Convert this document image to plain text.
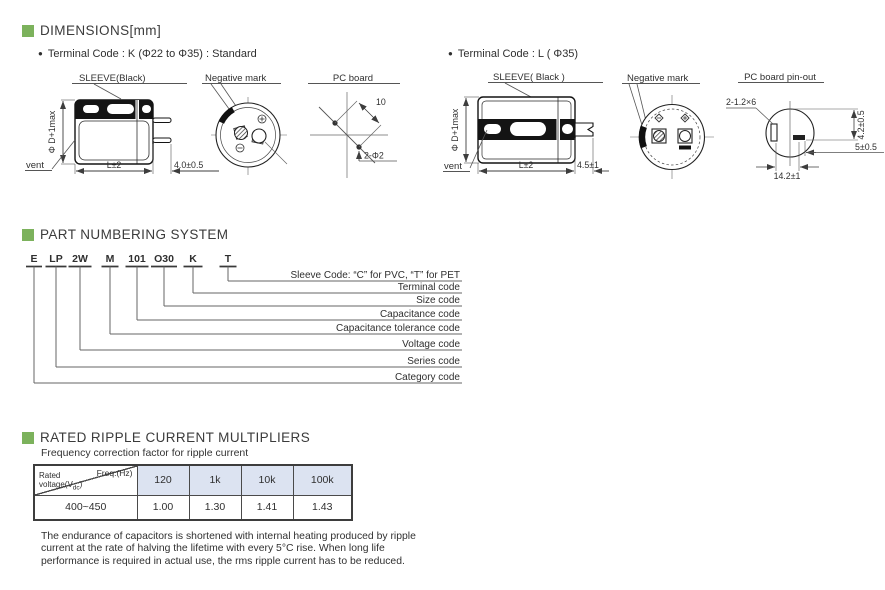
DIMENSIONS[mm]
● Terminal Code : K (Φ22 to Φ35) : Standard	● Terminal Code : L ( Φ35)
SLEEVE(Black)
Φ D+1max
vent	L±2	4.0±0.5
Negative mark	PC board
10
2-Φ2
SLEEVE( Black )
Φ D+1max
vent	L±2	4.5±1
Negative mark	PC board pin-out
2-1.2×6
4.2±0.5
5±0.5
14.2±1
PART NUMBERING SYSTEM
E LP 2W M 101 O30 K	T
Sleeve Code: “C” for PVC, “T” for PET
Terminal code
Size code
Capacitance code
Capacitance tolerance code
Voltage code
Series code
Category code
RATED RIPPLE CURRENT MULTIPLIERS
Frequency correction factor for ripple current
Freq.(Hz)
Rated
$voltage(V_{dc})$	120	1k	10k	100k
400~450	1.00	1.30	1.41	1.43
The endurance of capacitors is shortened with internal heating produced by ripple current at the rate of halving the lifetime with every 5°C rise. When long life performance is required in actual use, the rms ripple current has to be reduced.
